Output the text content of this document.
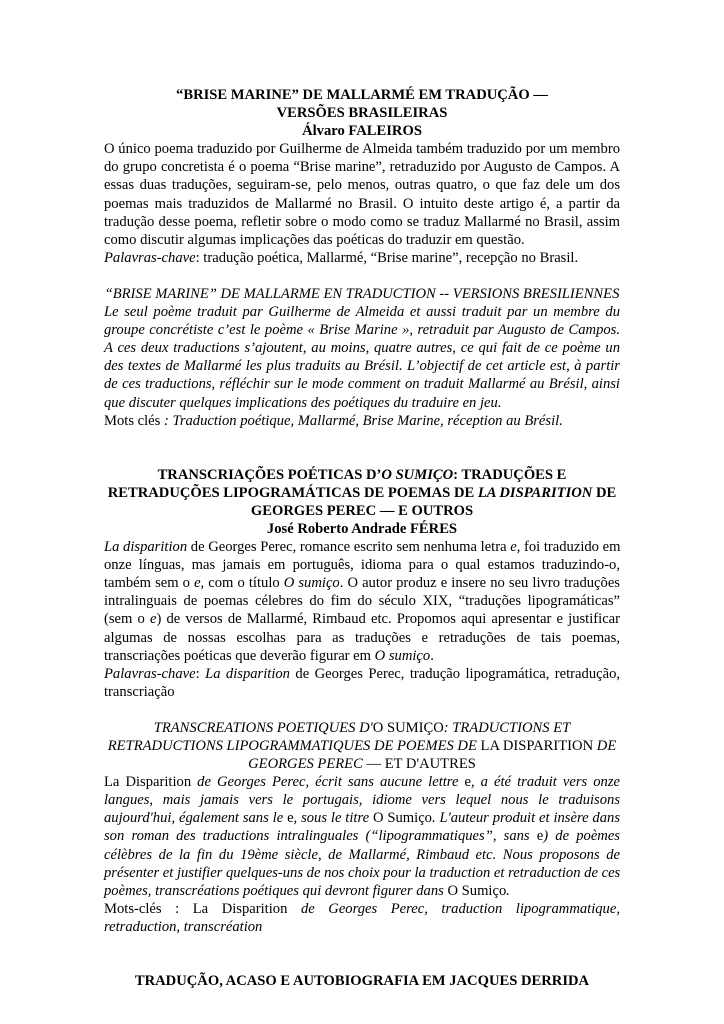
“BRISE MARINE” DE MALLARMÉ EM TRADUÇÃO —
VERSÕES BRASILEIRAS
Álvaro FALEIROS
O único poema traduzido por Guilherme de Almeida também traduzido por um membro
do grupo concretista é o poema “Brise marine”, retraduzido por Augusto de Campos. A
essas duas traduções, seguiram-se, pelo menos, outras quatro, o que faz dele um dos
poemas mais traduzidos de Mallarmé no Brasil. O intuito deste artigo é, a partir da
tradução desse poema, refletir sobre o modo como se traduz Mallarmé no Brasil, assim
como discutir algumas implicações das poéticas do traduzir em questão.
Palavras-chave: tradução poética, Mallarmé, “Brise marine”, recepção no Brasil.
“BRISE MARINE” DE MALLARME EN TRADUCTION -- VERSIONS BRESILIENNES
Le seul poème traduit par Guilherme de Almeida et aussi traduit par un membre du
groupe concrétiste c’est le poème « Brise Marine », retraduit par Augusto de Campos.
A ces deux traductions s’ajoutent, au moins, quatre autres, ce qui fait de ce poème un
des textes de Mallarmé les plus traduits au Brésil. L’objectif de cet article est, à partir
de ces traductions, réfléchir sur le mode comment on traduit Mallarmé au Brésil, ainsi
que discuter quelques implications des poétiques du traduire en jeu.
Mots clés : Traduction poétique, Mallarmé, Brise Marine, réception au Brésil.
TRANSCRIAÇÕES POÉTICAS D’O SUMIÇO: TRADUÇÕES E
RETRADUÇÕES LIPOGRAMÁTICAS DE POEMAS DE LA DISPARITION DE
GEORGES PEREC — E OUTROS
José Roberto Andrade FÉRES
La disparition de Georges Perec, romance escrito sem nenhuma letra e, foi traduzido em
onze línguas, mas jamais em português, idioma para o qual estamos traduzindo-o,
também sem o e, com o título O sumiço. O autor produz e insere no seu livro traduções
intralinguais de poemas célebres do fim do século XIX, “traduções lipogramáticas”
(sem o e) de versos de Mallarmé, Rimbaud etc. Propomos aqui apresentar e justificar
algumas de nossas escolhas para as traduções e retraduções de tais poemas,
transcriações poéticas que deverão figurar em O sumiço.
Palavras-chave: La disparition de Georges Perec, tradução lipogramática, retradução,
transcriação
TRANSCREATIONS POETIQUES D'O SUMIÇO: TRADUCTIONS ET
RETRADUCTIONS LIPOGRAMMATIQUES DE POEMES DE LA DISPARITION DE
GEORGES PEREC — ET D'AUTRES
La Disparition de Georges Perec, écrit sans aucune lettre e, a été traduit vers onze
langues, mais jamais vers le portugais, idiome vers lequel nous le traduisons
aujourd'hui, également sans le e, sous le titre O Sumiço. L'auteur produit et insère dans
son roman des traductions intralinguales (“lipogrammatiques”, sans e) de poèmes
célèbres de la fin du 19ème siècle, de Mallarmé, Rimbaud etc. Nous proposons de
présenter et justifier quelques-uns de nos choix pour la traduction et retraduction de ces
poèmes, transcréations poétiques qui devront figurer dans O Sumiço.
Mots-clés : La Disparition de Georges Perec, traduction lipogrammatique,
retraduction, transcréation
TRADUÇÃO, ACASO E AUTOBIOGRAFIA EM JACQUES DERRIDA
